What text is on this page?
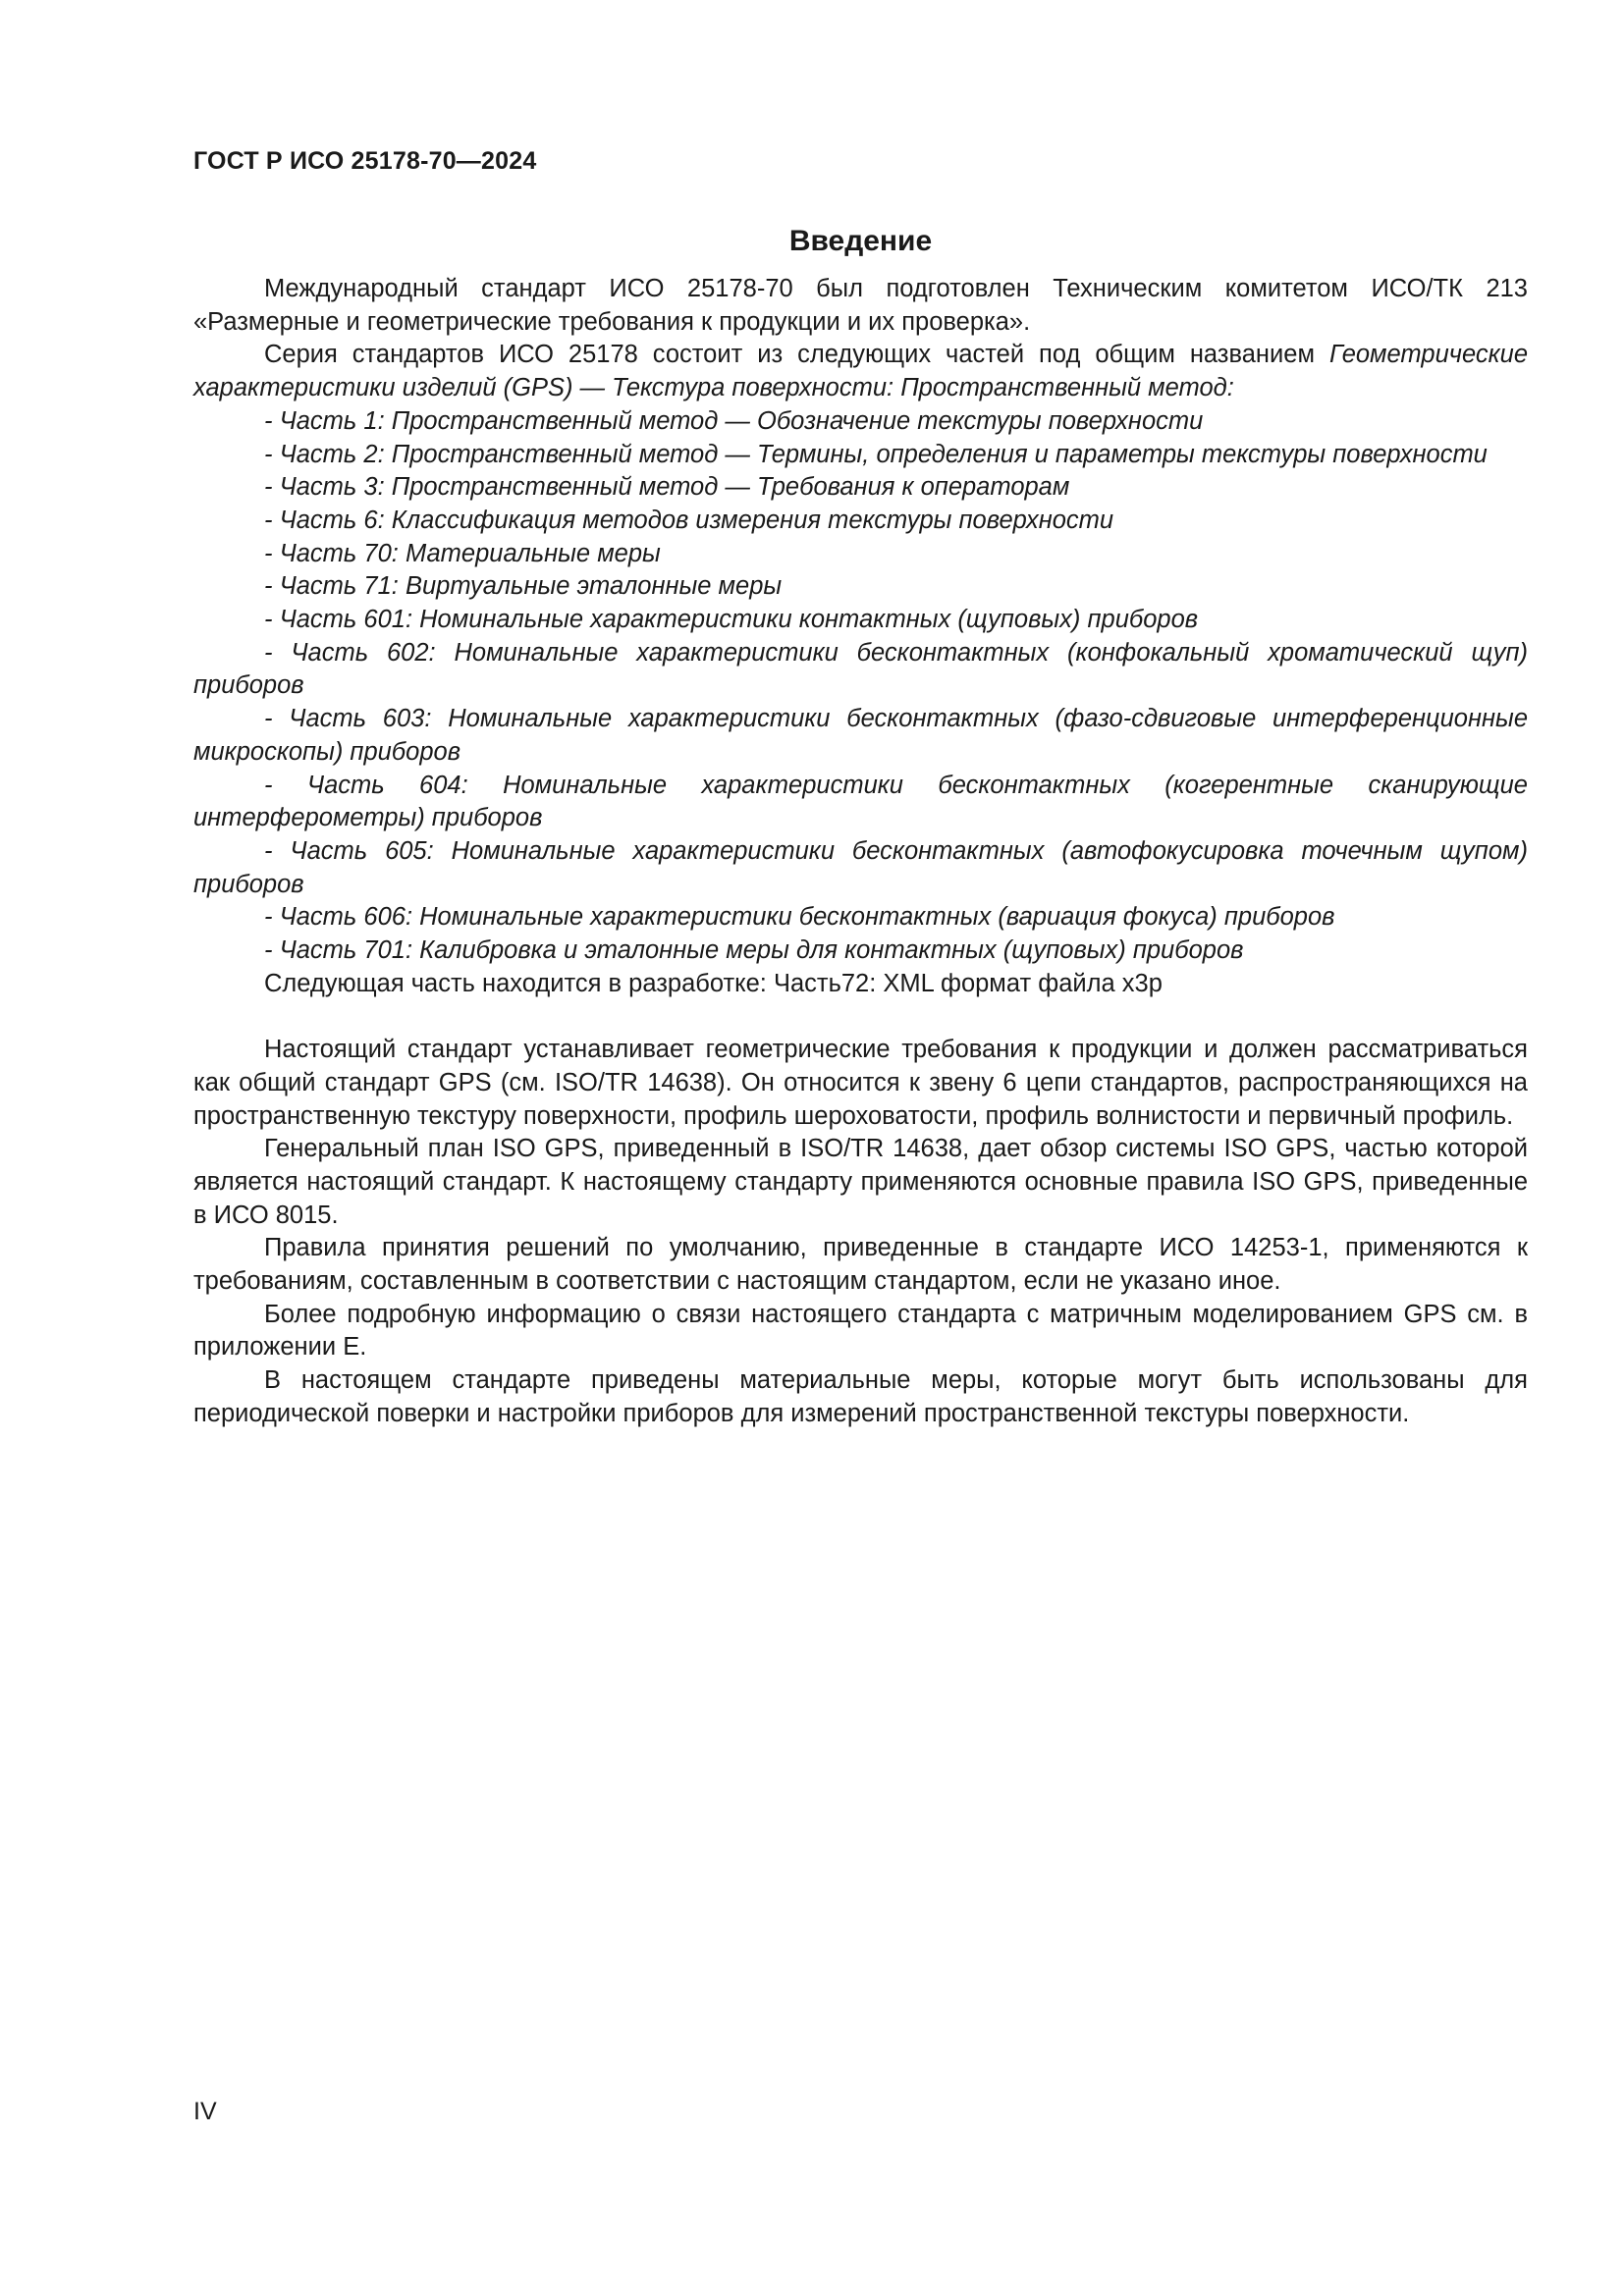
ГОСТ Р ИСО 25178-70—2024
Введение

Международный стандарт ИСО 25178-70 был подготовлен Техническим комитетом ИСО/ТК 213 «Размерные и геометрические требования к продукции и их проверка».

Серия стандартов ИСО 25178 состоит из следующих частей под общим названием Геометрические характеристики изделий (GPS) — Текстура поверхности: Пространственный метод:

- Часть 1: Пространственный метод — Обозначение текстуры поверхности

- Часть 2: Пространственный метод — Термины, определения и параметры текстуры поверхности

- Часть 3: Пространственный метод — Требования к операторам

- Часть 6: Классификация методов измерения текстуры поверхности

- Часть 70: Материальные меры

- Часть 71: Виртуальные эталонные меры

- Часть 601: Номинальные характеристики контактных (щуповых) приборов

- Часть 602: Номинальные характеристики бесконтактных (конфокальный хроматический щуп) приборов

- Часть 603: Номинальные характеристики бесконтактных (фазо-сдвиговые интерференционные микроскопы) приборов

- Часть 604: Номинальные характеристики бесконтактных (когерентные сканирующие интерферометры) приборов

- Часть 605: Номинальные характеристики бесконтактных (автофокусировка точечным щупом) приборов

- Часть 606: Номинальные характеристики бесконтактных (вариация фокуса) приборов

- Часть 701: Калибровка и эталонные меры для контактных (щуповых) приборов

Следующая часть находится в разработке: Часть72: XML формат файла x3p

Настоящий стандарт устанавливает геометрические требования к продукции и должен рассматриваться как общий стандарт GPS (см. ISO/TR 14638). Он относится к звену 6 цепи стандартов, распространяющихся на пространственную текстуру поверхности, профиль шероховатости, профиль волнистости и первичный профиль.

Генеральный план ISO GPS, приведенный в ISO/TR 14638, дает обзор системы ISO GPS, частью которой является настоящий стандарт. К настоящему стандарту применяются основные правила ISO GPS, приведенные в ИСО 8015.

Правила принятия решений по умолчанию, приведенные в стандарте ИСО 14253-1, применяются к требованиям, составленным в соответствии с настоящим стандартом, если не указано иное.

Более подробную информацию о связи настоящего стандарта с матричным моделированием GPS см. в приложении E.

В настоящем стандарте приведены материальные меры, которые могут быть использованы для периодической поверки и настройки приборов для измерений пространственной текстуры поверхности.

IV
